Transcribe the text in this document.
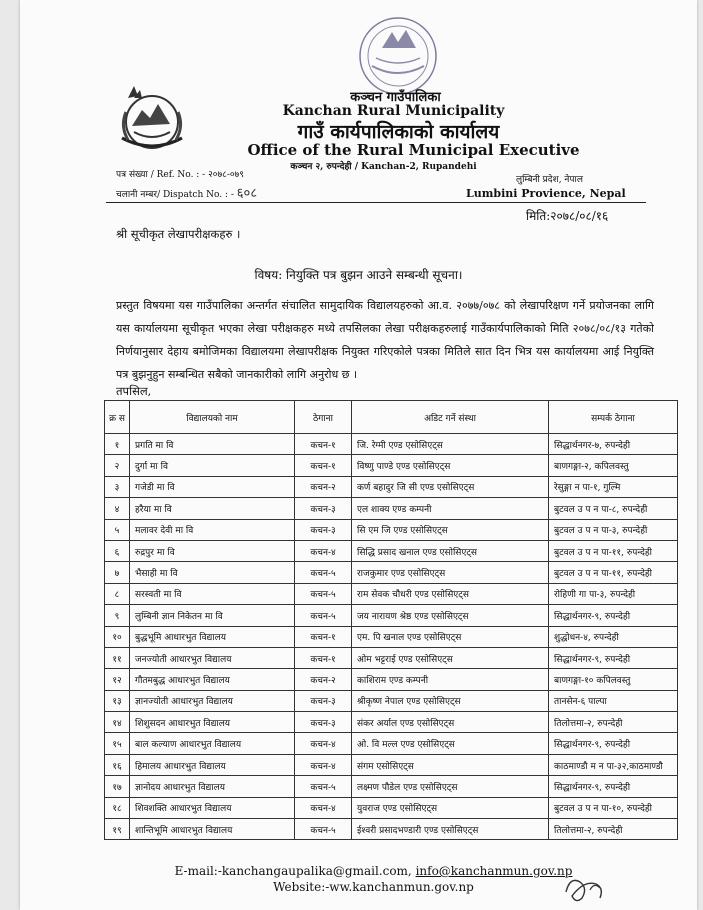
कञ्चन गाउँपालिका
Kanchan Rural Municipality
गाउँ कार्यपालिकाको कार्यालय
Office of the Rural Municipal Executive
कञ्चन २, रुपन्देही / Kanchan-2, Rupandehi
पत्र संख्या / Ref. No. : - २०७८-०७९
चलानी नम्बर/ Dispatch No. : - ६०८
लुम्बिनी प्रदेश, नेपाल
Lumbini Provience, Nepal
मिति:२०७८/०८/१६
श्री सूचीकृत लेखापरीक्षकहरु ।
विषय: नियुक्ति पत्र बुझन आउने सम्बन्धी सूचना।
प्रस्तुत विषयमा यस गाउँपालिका अन्तर्गत संचालित सामुदायिक विद्यालयहरुको आ.व. २०७७/०७८ को लेखापरिक्षण गर्ने प्रयोजनका लागि यस कार्यालयमा सूचीकृत भएका लेखा परीक्षकहरु मध्ये तपसिलका लेखा परीक्षकहरुलाई गाउँकार्यपालिकाको मिति २०७८/०८/१३ गतेको निर्णयानुसार देहाय बमोजिमका विद्यालयमा लेखापरीक्षक नियुक्त गरिएकोले पत्रका मितिले सात दिन भित्र यस कार्यालयमा आई नियुक्ति पत्र बुझनुहुन सम्बन्धित सबैको जानकारीको लागि अनुरोध छ ।
तपसिल,
क्र स	विद्यालयको नाम	ठेगाना	अडिट गर्ने संस्था	सम्पर्क ठेगाना
१	प्रगति मा वि	कचन-१	जि. रेग्मी एण्ड एसोसिएट्स	सिद्धार्थनगर-७, रुपन्देही
२	दुर्गा मा वि	कचन-१	विष्णु पाण्डे एण्ड एसोसिएट्स	बाणगङ्गा-२, कपिलवस्तु
३	गजेडी मा वि	कचन-२	कर्ण बहादुर जि सी एण्ड एसोसिएट्स	रेसुङ्गा न पा-१, गुल्मि
४	हरैया मा वि	कचन-३	एल शाक्य एण्ड कम्पनी	बुटवल उ प न पा-८, रुपन्देही
५	मलावर देवी मा वि	कचन-३	सि एम जि एण्ड एसोसिएट्स	बुटवल उ प न पा-३, रुपन्देही
६	रुद्रपुर मा वि	कचन-४	सिद्धि प्रसाद खनाल एण्ड एसोसिएट्स	बुटवल उ प न पा-११, रुपन्देही
७	भैसाही मा वि	कचन-५	राजकुमार एण्ड एसोसिएट्स	बुटवल उ प न पा-११, रुपन्देही
८	सरस्वती मा वि	कचन-५	राम सेवक चौधरी एण्ड एसोसिएट्स	रोहिणी गा पा-३, रुपन्देही
९	लुम्बिनी ज्ञान निकेतन मा वि	कचन-५	जय नारायण श्रेष्ठ एण्ड एसोसिएट्स	सिद्धार्थनगर-९, रुपन्देही
१०	बुद्धभूमि आधारभुत विद्यालय	कचन-१	एम. पि खनाल एण्ड एसोसिएट्स	शुद्धोधन-४, रुपन्देही
११	जनज्योती आधारभुत विद्यालय	कचन-१	ओम भट्टराई एण्ड एसोसिएट्स	सिद्धार्थनगर-९, रुपन्देही
१२	गौतमबुद्ध आधारभुत विद्यालय	कचन-२	काशिराम एण्ड कम्पनी	बाणगङ्गा-१० कपिलवस्तु
१३	ज्ञानज्योती आधारभुत विद्यालय	कचन-३	श्रीकृष्ण नेपाल एण्ड एसोसिएट्स	तानसेन-६ पाल्पा
१४	शिशुसदन आधारभुत विद्यालय	कचन-३	संकर अर्याल एण्ड एसोसिएट्स	तिलोत्तमा-२, रुपन्देही
१५	बाल कल्याण आधारभुत विद्यालय	कचन-४	ओ. वि मल्ल एण्ड एसोसिएट्स	सिद्धार्थनगर-९, रुपन्देही
१६	हिमालय आधारभुत विद्यालय	कचन-४	संगम एसोसिएट्स	काठमाण्डौ म न पा-३२,काठमाण्डौ
१७	ज्ञानोदय आधारभुत विद्यालय	कचन-५	लक्ष्मण पौडेल एण्ड एसोसिएट्स	सिद्धार्थनगर-९, रुपन्देही
१८	शिवशक्ति आधारभुत विद्यालय	कचन-४	युवराज एण्ड एसोसिएट्स	बुटवल उ प न पा-१०, रुपन्देही
१९	शान्तिभूमि आधारभुत विद्यालय	कचन-५	ईश्वरी प्रसादभण्डारी एण्ड एसोसिएट्स	तिलोत्तमा-२, रुपन्देही
E-mail:-kanchangaupalika@gmail.com, info@kanchanmun.gov.np
Website:-ww.kanchanmun.gov.np
